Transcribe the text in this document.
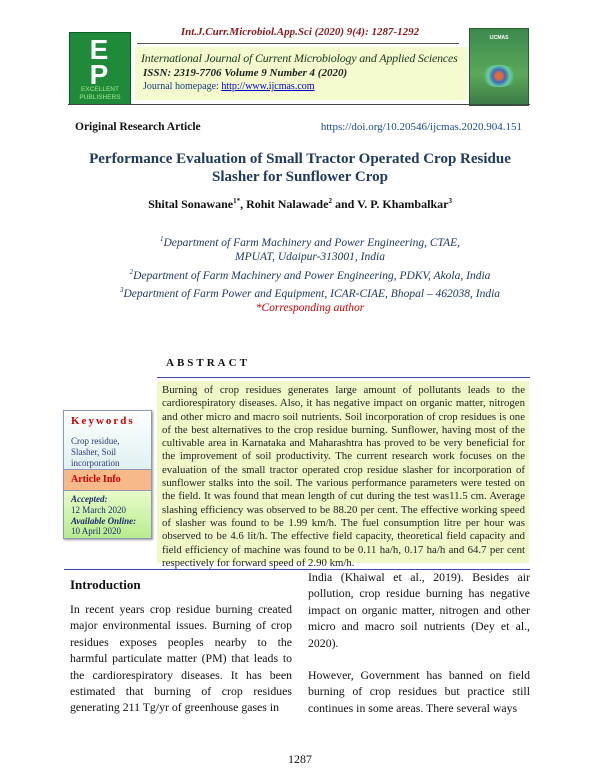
E
P
EXCELLENT PUBLISHERS
Int.J.Curr.Microbiol.App.Sci (2020) 9(4): 1287-1292
International Journal of Current Microbiology and Applied Sciences
ISSN: 2319-7706 Volume 9 Number 4 (2020)
Journal homepage: http://www.ijcmas.com
IJCMAS
Original Research Article	https://doi.org/10.20546/ijcmas.2020.904.151
Performance Evaluation of Small Tractor Operated Crop Residue Slasher for Sunflower Crop
Shital Sonawane$^{1*}$, Rohit Nalawade$^2$ and V. P. Khambalkar$^3$
$^1$Department of Farm Machinery and Power Engineering, CTAE, MPUAT, Udaipur-313001, India
$^2$Department of Farm Machinery and Power Engineering, PDKV, Akola, India
$^3$Department of Farm Power and Equipment, ICAR-CIAE, Bhopal – 462038, India
*Corresponding author
ABSTRACT
Burning of crop residues generates large amount of pollutants leads to the cardiorespiratory diseases. Also, it has negative impact on organic matter, nitrogen and other micro and macro soil nutrients. Soil incorporation of crop residues is one of the best alternatives to the crop residue burning. Sunflower, having most of the cultivable area in Karnataka and Maharashtra has proved to be very beneficial for the improvement of soil productivity. The current research work focuses on the evaluation of the small tractor operated crop residue slasher for incorporation of sunflower stalks into the soil. The various performance parameters were tested on the field. It was found that mean length of cut during the test was11.5 cm. Average slashing efficiency was observed to be 88.20 per cent. The effective working speed of slasher was found to be 1.99 km/h. The fuel consumption litre per hour was observed to be 4.6 lit/h. The effective field capacity, theoretical field capacity and field efficiency of machine was found to be 0.11 ha/h, 0.17 ha/h and 64.7 per cent respectively for forward speed of 2.90 km/h.
Keywords
Crop residue, Slasher, Soil incorporation
Article Info
Accepted:
12 March 2020
Available Online:
10 April 2020
Introduction
In recent years crop residue burning created major environmental issues. Burning of crop residues exposes peoples nearby to the harmful particulate matter (PM) that leads to the cardiorespiratory diseases. It has been estimated that burning of crop residues generating 211 Tg/yr of greenhouse gases in

India (Khaiwal et al., 2019). Besides air pollution, crop residue burning has negative impact on organic matter, nitrogen and other micro and macro soil nutrients (Dey et al., 2020).

However, Government has banned on field burning of crop residues but practice still continues in some areas. There several ways

1287
